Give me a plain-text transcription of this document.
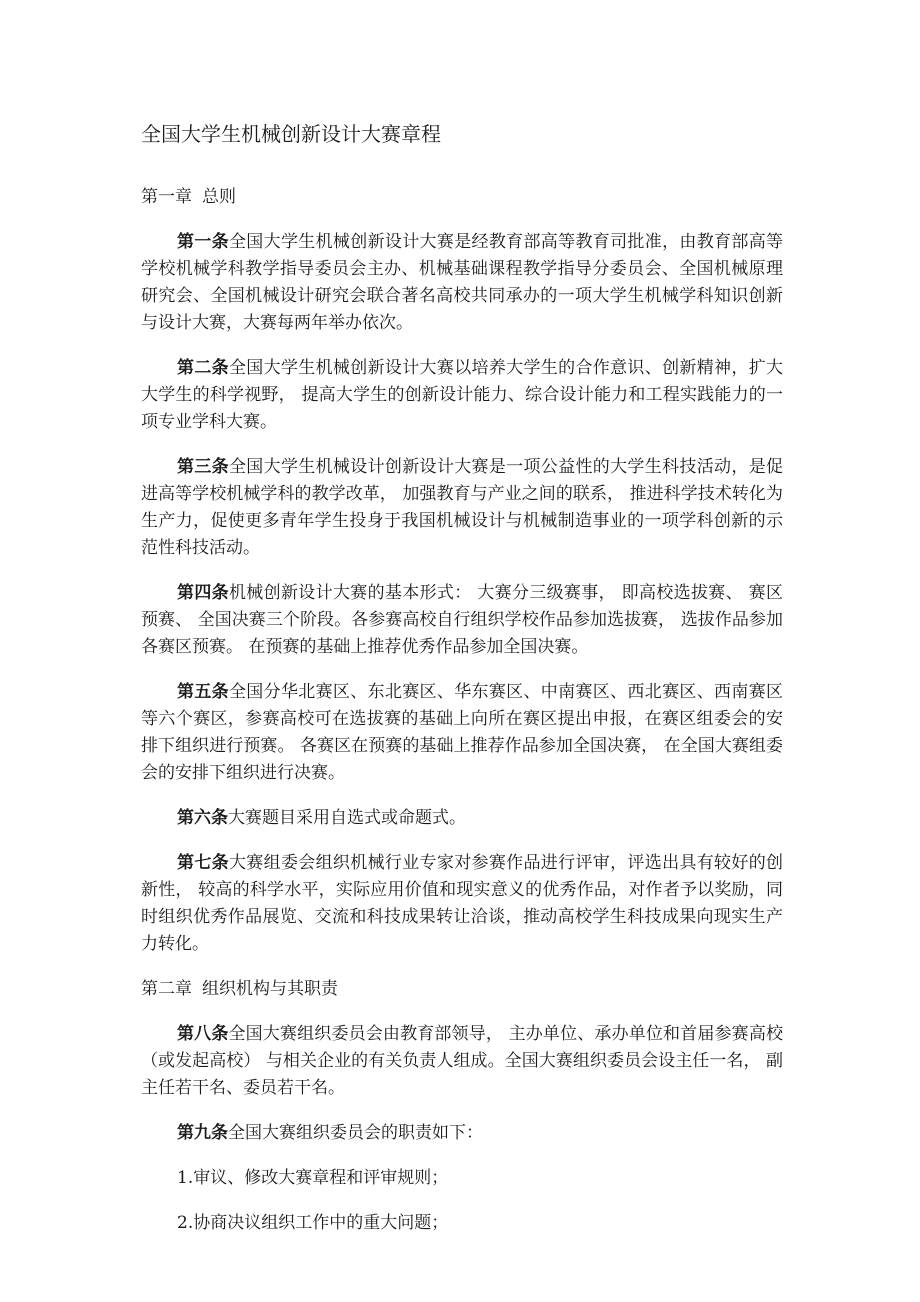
全国大学生机械创新设计大赛章程

第一章 总则

第一条全国大学生机械创新设计大赛是经教育部高等教育司批准，由教育部高等学校机械学科教学指导委员会主办、机械基础课程教学指导分委员会、全国机械原理研究会、全国机械设计研究会联合著名高校共同承办的一项大学生机械学科知识创新与设计大赛，大赛每两年举办依次。

第二条全国大学生机械创新设计大赛以培养大学生的合作意识、创新精神，扩大大学生的科学视野， 提高大学生的创新设计能力、综合设计能力和工程实践能力的一项专业学科大赛。

第三条全国大学生机械设计创新设计大赛是一项公益性的大学生科技活动，是促进高等学校机械学科的教学改革， 加强教育与产业之间的联系， 推进科学技术转化为生产力，促使更多青年学生投身于我国机械设计与机械制造事业的一项学科创新的示范性科技活动。

第四条机械创新设计大赛的基本形式： 大赛分三级赛事， 即高校选拔赛、 赛区预赛、 全国决赛三个阶段。各参赛高校自行组织学校作品参加选拔赛， 选拔作品参加各赛区预赛。 在预赛的基础上推荐优秀作品参加全国决赛。

第五条全国分华北赛区、东北赛区、华东赛区、中南赛区、西北赛区、西南赛区等六个赛区，参赛高校可在选拔赛的基础上向所在赛区提出申报，在赛区组委会的安排下组织进行预赛。 各赛区在预赛的基础上推荐作品参加全国决赛， 在全国大赛组委会的安排下组织进行决赛。

第六条大赛题目采用自选式或命题式。

第七条大赛组委会组织机械行业专家对参赛作品进行评审，评选出具有较好的创新性， 较高的科学水平，实际应用价值和现实意义的优秀作品，对作者予以奖励，同时组织优秀作品展览、交流和科技成果转让洽谈，推动高校学生科技成果向现实生产力转化。

第二章 组织机构与其职责

第八条全国大赛组织委员会由教育部领导， 主办单位、承办单位和首届参赛高校 （或发起高校） 与相关企业的有关负责人组成。全国大赛组织委员会设主任一名， 副主任若干名、委员若干名。

第九条全国大赛组织委员会的职责如下：

1.审议、修改大赛章程和评审规则；

2.协商决议组织工作中的重大问题；
